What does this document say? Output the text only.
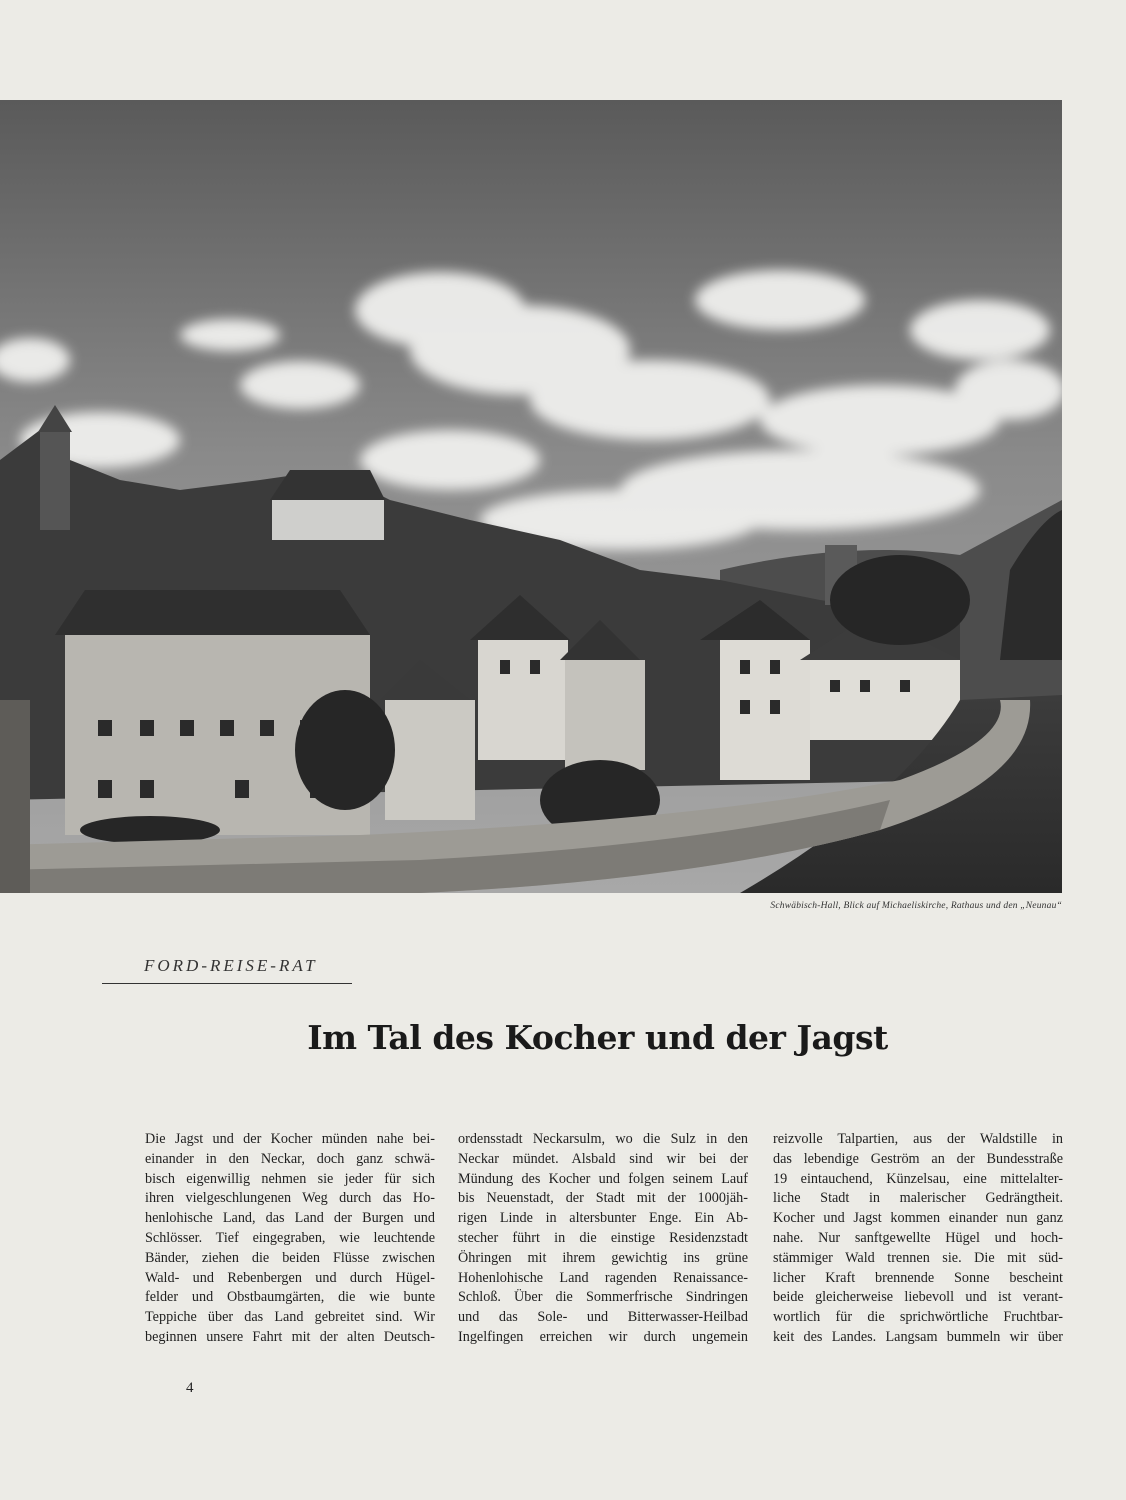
Schwäbisch-Hall, Blick auf Michaeliskirche, Rathaus und den „Neunau“
FORD-REISE-RAT
Im Tal des Kocher und der Jagst
Die Jagst und der Kocher münden nahe bei-
einander in den Neckar, doch ganz schwä-
bisch eigenwillig nehmen sie jeder für sich
ihren vielgeschlungenen Weg durch das Ho-
henlohische Land, das Land der Burgen und
Schlösser. Tief eingegraben, wie leuchtende
Bänder, ziehen die beiden Flüsse zwischen
Wald- und Rebenbergen und durch Hügel-
felder und Obstbaumgärten, die wie bunte
Teppiche über das Land gebreitet sind. Wir
beginnen unsere Fahrt mit der alten Deutsch-
ordensstadt Neckarsulm, wo die Sulz in den
Neckar mündet. Alsbald sind wir bei der
Mündung des Kocher und folgen seinem Lauf
bis Neuenstadt, der Stadt mit der 1000jäh-
rigen Linde in altersbunter Enge. Ein Ab-
stecher führt in die einstige Residenzstadt
Öhringen mit ihrem gewichtig ins grüne
Hohenlohische Land ragenden Renaissance-
Schloß. Über die Sommerfrische Sindringen
und das Sole- und Bitterwasser-Heilbad
Ingelfingen erreichen wir durch ungemein
reizvolle Talpartien, aus der Waldstille in
das lebendige Geström an der Bundesstraße
19 eintauchend, Künzelsau, eine mittelalter-
liche Stadt in malerischer Gedrängtheit.
Kocher und Jagst kommen einander nun ganz
nahe. Nur sanftgewellte Hügel und hoch-
stämmiger Wald trennen sie. Die mit süd-
licher Kraft brennende Sonne bescheint
beide gleicherweise liebevoll und ist verant-
wortlich für die sprichwörtliche Fruchtbar-
keit des Landes. Langsam bummeln wir über
4
